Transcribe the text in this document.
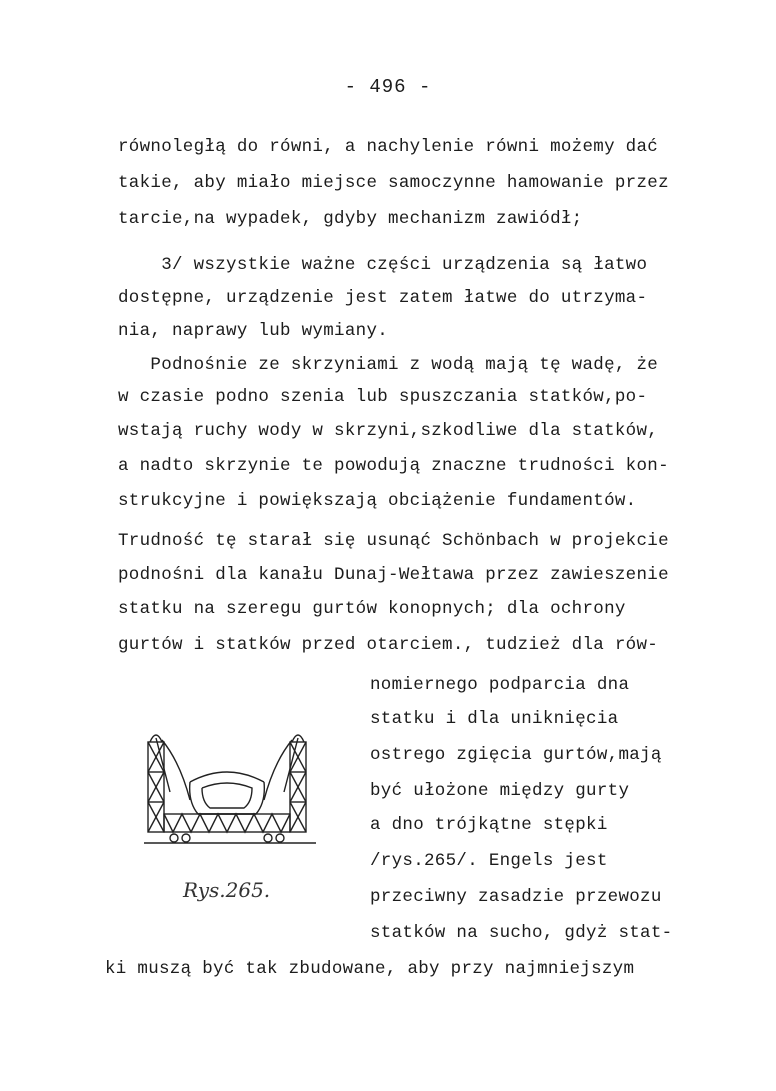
- 496 -
równoległą do równi, a nachylenie równi możemy dać
takie, aby miało miejsce samoczynne hamowanie przez
tarcie,na wypadek, gdyby mechanizm zawiódł;
3/ wszystkie ważne części urządzenia są łatwo
dostępne, urządzenie jest zatem łatwe do utrzyma-
nia, naprawy lub wymiany.
Podnośnie ze skrzyniami z wodą mają tę wadę, że
w czasie podno szenia lub spuszczania statków,po-
wstają ruchy wody w skrzyni,szkodliwe dla statków,
a nadto skrzynie te powodują znaczne trudności kon-
strukcyjne i powiększają obciążenie fundamentów.
Trudność tę starał się usunąć Schönbach w projekcie
podnośni dla kanału Dunaj-Wełtawa przez zawieszenie
statku na szeregu gurtów konopnych; dla ochrony
gurtów i statków przed otarciem., tudzież dla rów-
nomiernego podparcia dna
statku i dla uniknięcia
ostrego zgięcia gurtów,mają
być ułożone między gurty
a dno trójkątne stępki
/rys.265/. Engels jest
przeciwny zasadzie przewozu
statków na sucho, gdyż stat-
ki muszą być tak zbudowane, aby przy najmniejszym
Rys.265.
